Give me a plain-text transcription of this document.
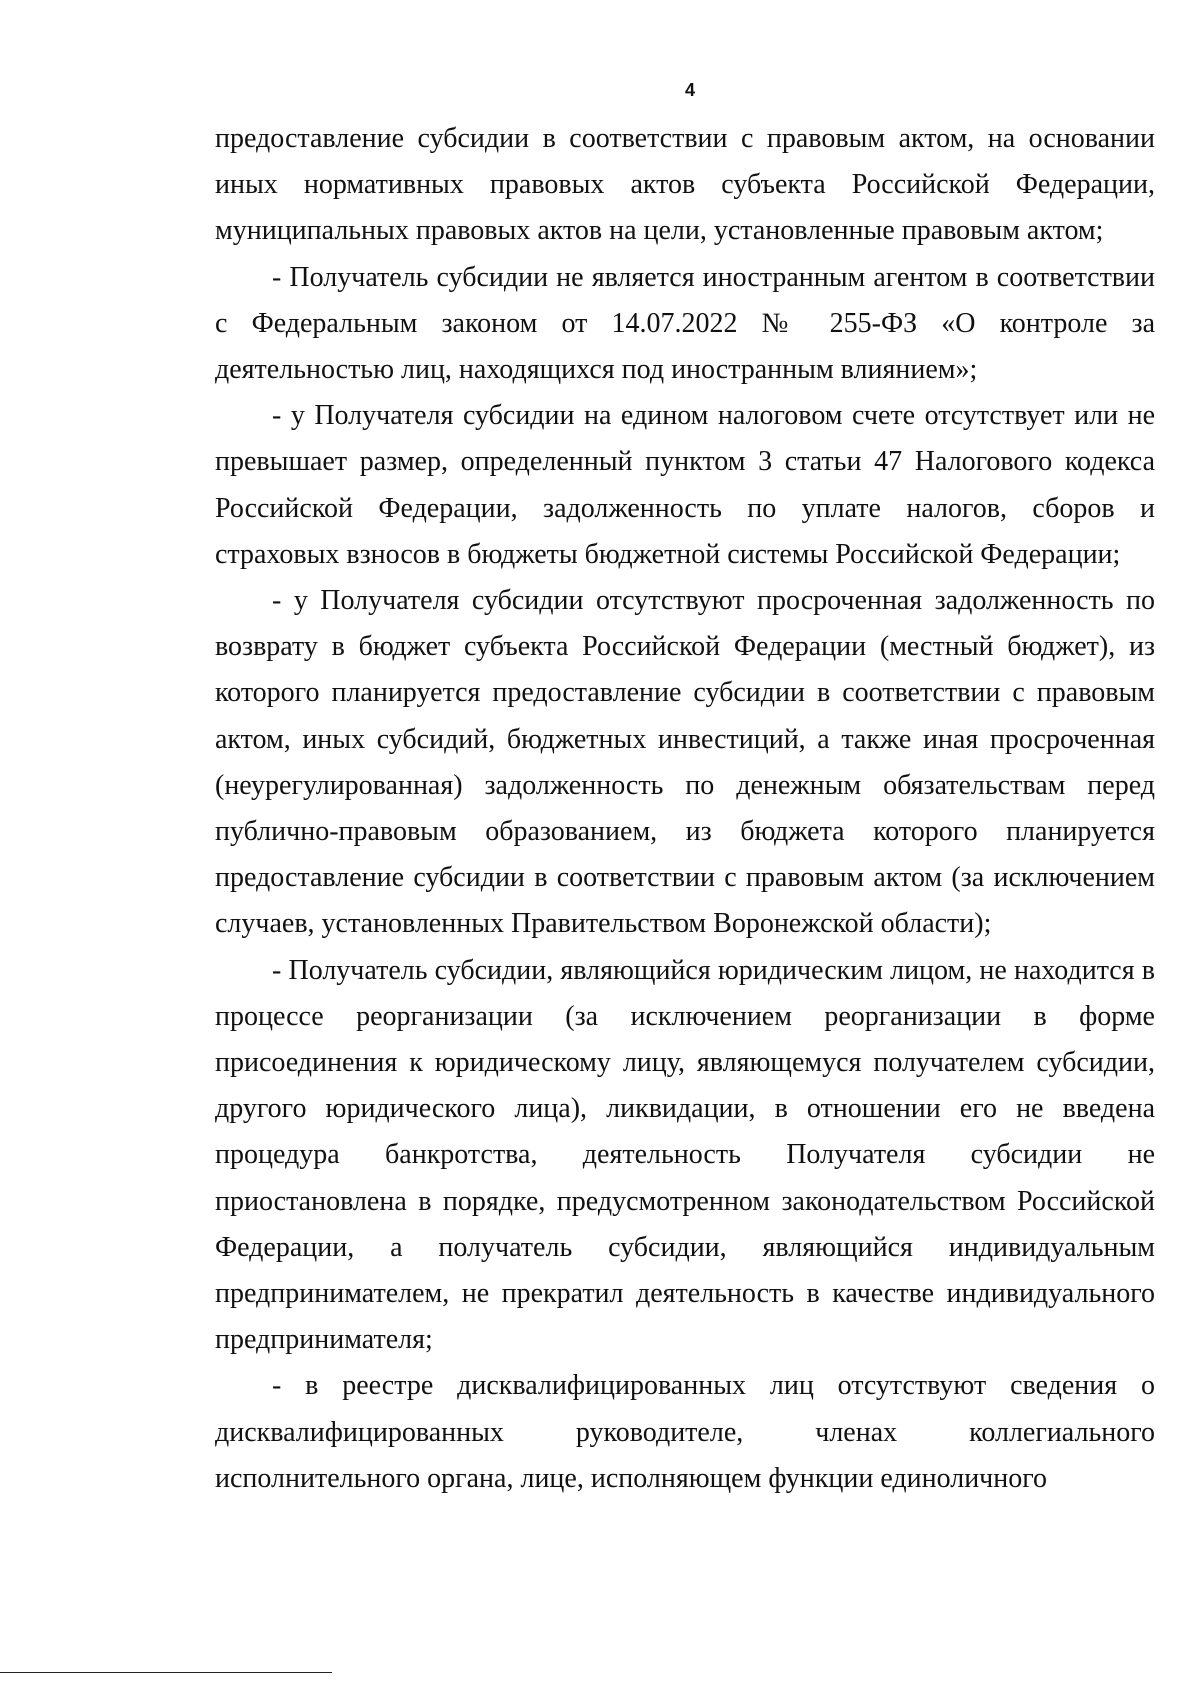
4

предоставление субсидии в соответствии с правовым актом, на основании иных нормативных правовых актов субъекта Российской Федерации, муниципальных правовых актов на цели, установленные правовым актом;

- Получатель субсидии не является иностранным агентом в соответствии с Федеральным законом от 14.07.2022 № 255-ФЗ «О контроле за деятельностью лиц, находящихся под иностранным влиянием»;

- у Получателя субсидии на едином налоговом счете отсутствует или не превышает размер, определенный пунктом 3 статьи 47 Налогового кодекса Российской Федерации, задолженность по уплате налогов, сборов и страховых взносов в бюджеты бюджетной системы Российской Федерации;

- у Получателя субсидии отсутствуют просроченная задолженность по возврату в бюджет субъекта Российской Федерации (местный бюджет), из которого планируется предоставление субсидии в соответствии с правовым актом, иных субсидий, бюджетных инвестиций, а также иная просроченная (неурегулированная) задолженность по денежным обязательствам перед публично-правовым образованием, из бюджета которого планируется предоставление субсидии в соответствии с правовым актом (за исключением случаев, установленных Правительством Воронежской области);

- Получатель субсидии, являющийся юридическим лицом, не находится в процессе реорганизации (за исключением реорганизации в форме присоединения к юридическому лицу, являющемуся получателем субсидии, другого юридического лица), ликвидации, в отношении его не введена процедура банкротства, деятельность Получателя субсидии не приостановлена в порядке, предусмотренном законодательством Российской Федерации, а получатель субсидии, являющийся индивидуальным предпринимателем, не прекратил деятельность в качестве индивидуального предпринимателя;

- в реестре дисквалифицированных лиц отсутствуют сведения о дисквалифицированных руководителе, членах коллегиального исполнительного органа, лице, исполняющем функции единоличного
